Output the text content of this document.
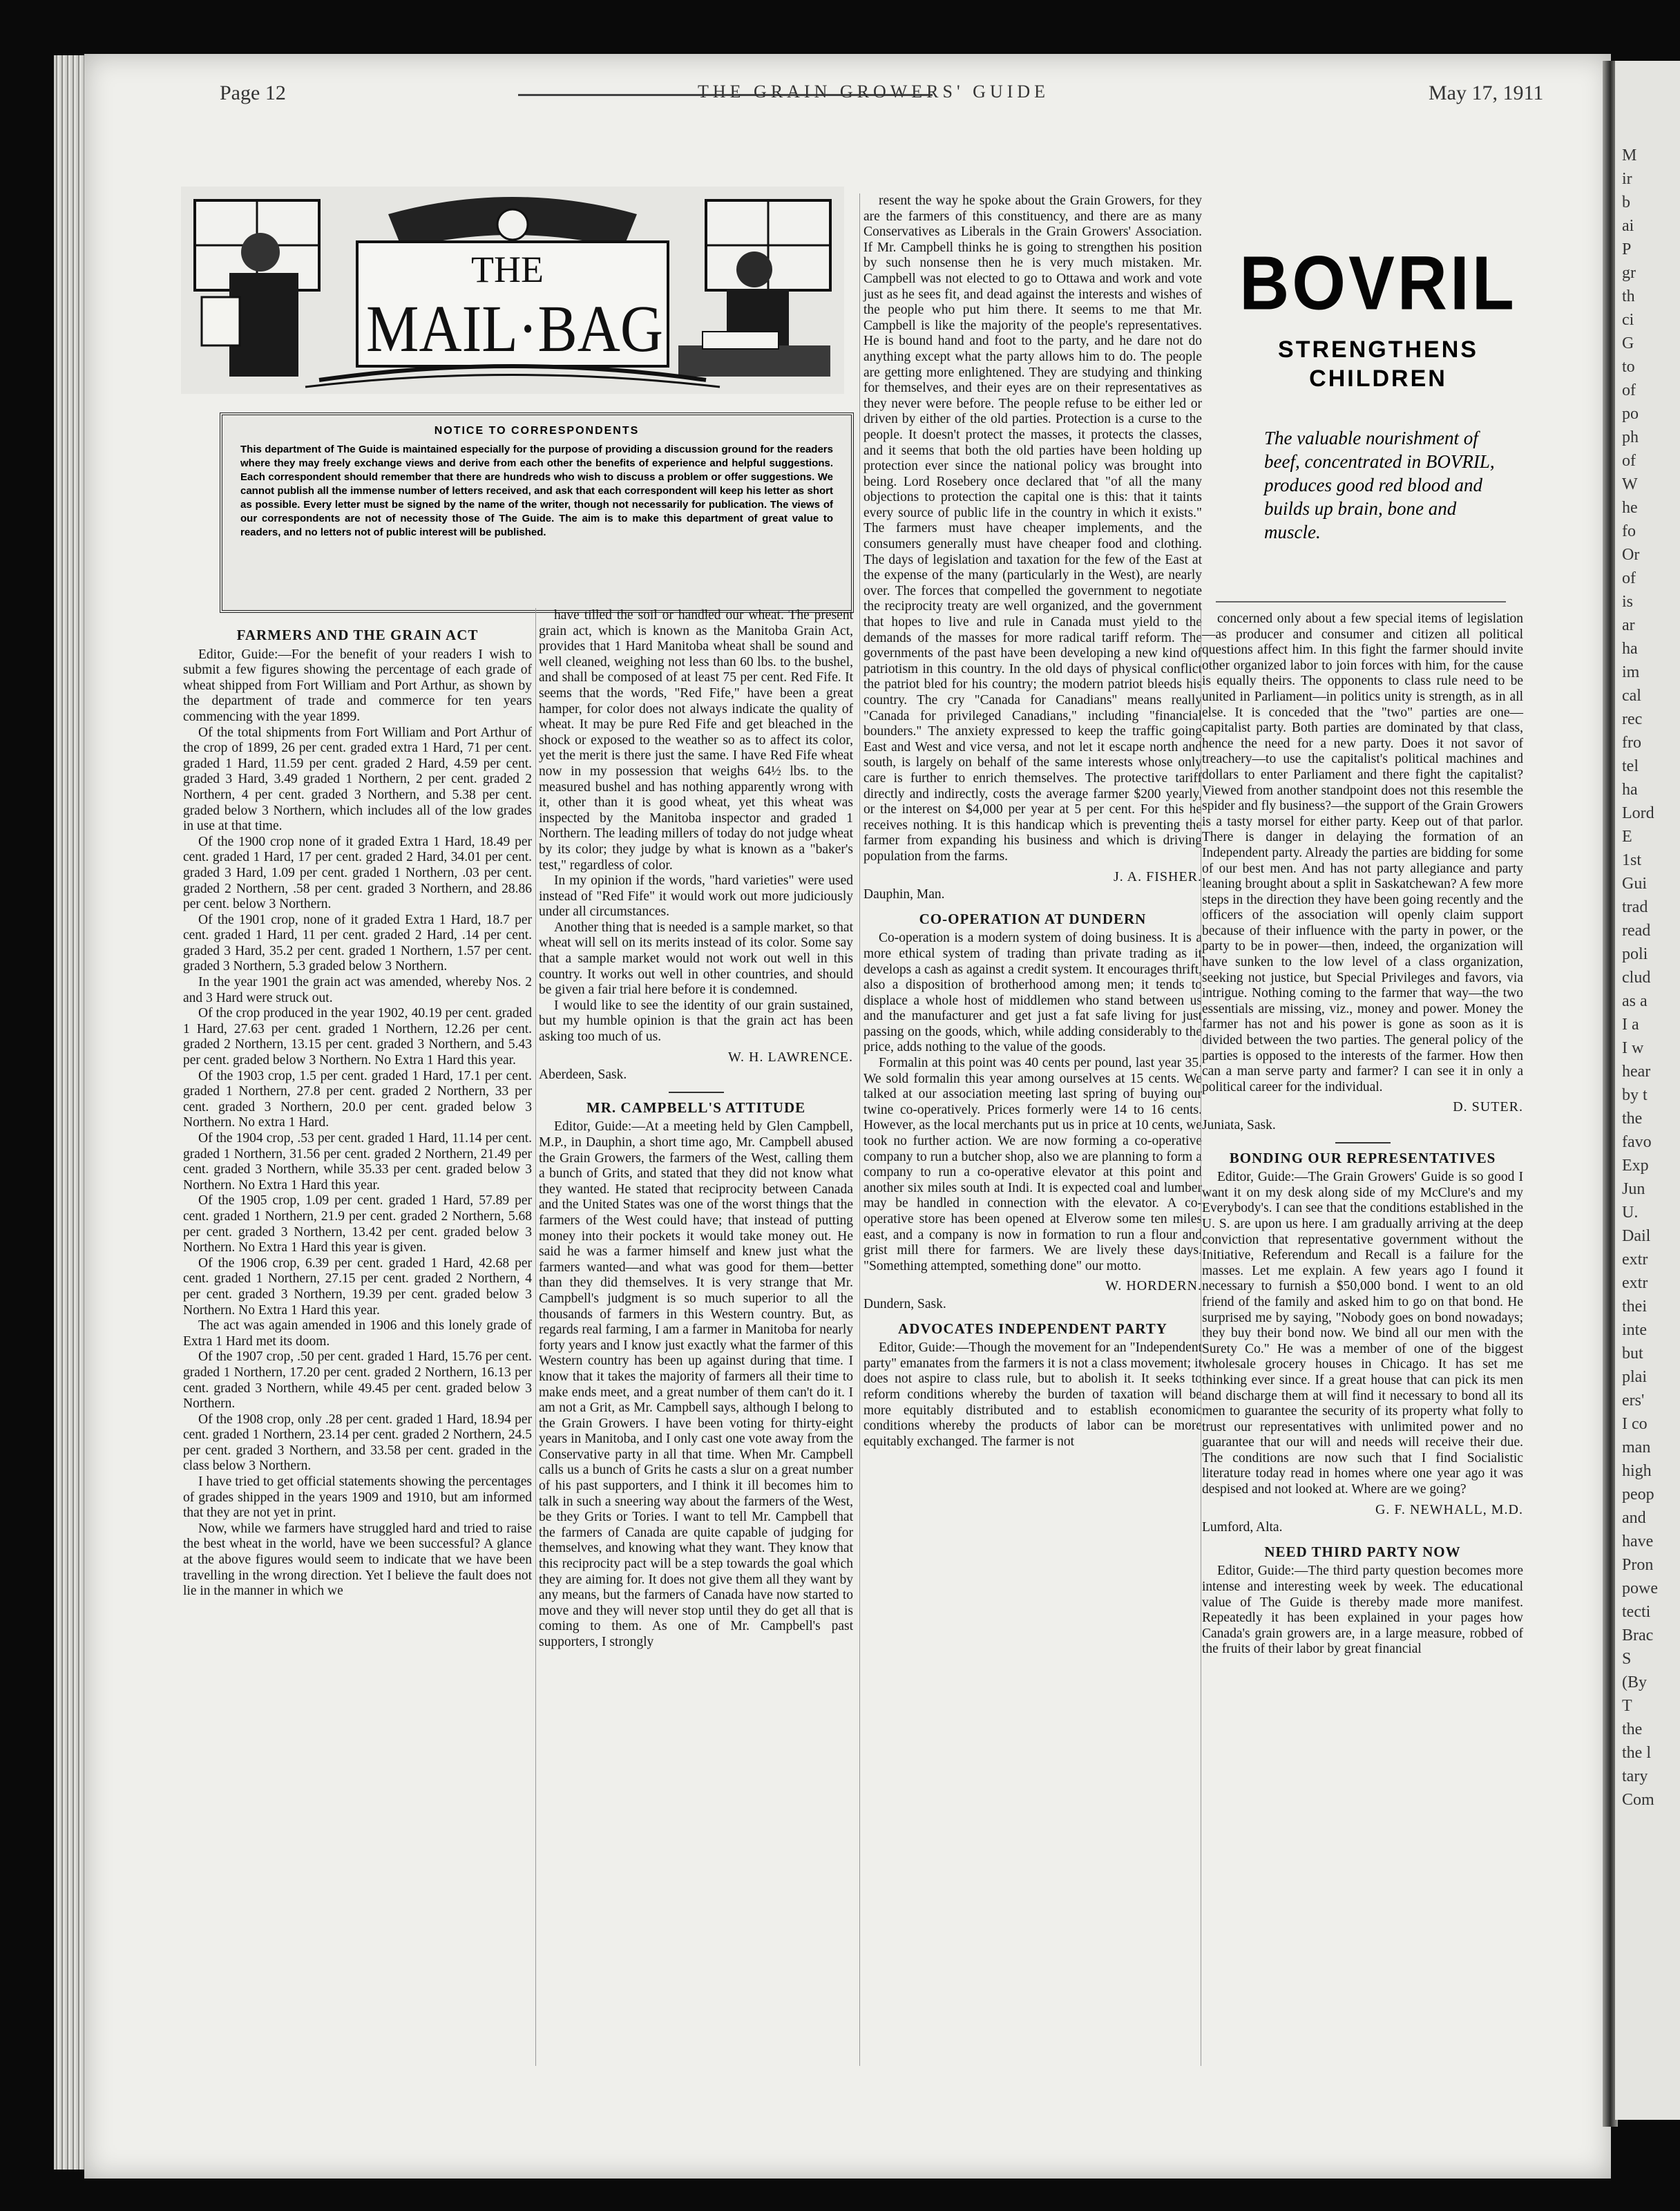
M
ir
b
ai
P
gr
th
ci
G
to
of
po
ph
of
W
he
fo
Or
of
is
ar
ha
im
cal
rec
fro
tel
ha
Lord
E
1st
Gui
trad
read
poli
clud
as a
I a
I w
hear
by t
the
favo
Exp
Jun
U.
Dail
extr
extr
thei
inte
but
plai
ers'
I co
man
high
peop
and
have
Pron
powe
tecti
Brac
S
(By
T
the
the l
tary
Com
Page 12	THE GRAIN GROWERS' GUIDE	May 17, 1911
THE
MAIL·BAG
NOTICE TO CORRESPONDENTS

This department of The Guide is maintained especially for the purpose of providing a discussion ground for the readers where they may freely exchange views and derive from each other the benefits of experience and helpful suggestions. Each correspondent should remember that there are hundreds who wish to discuss a problem or offer suggestions. We cannot publish all the immense number of letters received, and ask that each correspondent will keep his letter as short as possible. Every letter must be signed by the name of the writer, though not necessarily for publication. The views of our correspondents are not of necessity those of The Guide. The aim is to make this department of great value to readers, and no letters not of public interest will be published.

FARMERS AND THE GRAIN ACT

Editor, Guide:—For the benefit of your readers I wish to submit a few figures showing the percentage of each grade of wheat shipped from Fort William and Port Arthur, as shown by the department of trade and commerce for ten years commencing with the year 1899.

Of the total shipments from Fort William and Port Arthur of the crop of 1899, 26 per cent. graded extra 1 Hard, 71 per cent. graded 1 Hard, 11.59 per cent. graded 2 Hard, 4.59 per cent. graded 3 Hard, 3.49 graded 1 Northern, 2 per cent. graded 2 Northern, 4 per cent. graded 3 Northern, and 5.38 per cent. graded below 3 Northern, which includes all of the low grades in use at that time.

Of the 1900 crop none of it graded Extra 1 Hard, 18.49 per cent. graded 1 Hard, 17 per cent. graded 2 Hard, 34.01 per cent. graded 3 Hard, 1.09 per cent. graded 1 Northern, .03 per cent. graded 2 Northern, .58 per cent. graded 3 Northern, and 28.86 per cent. below 3 Northern.

Of the 1901 crop, none of it graded Extra 1 Hard, 18.7 per cent. graded 1 Hard, 11 per cent. graded 2 Hard, .14 per cent. graded 3 Hard, 35.2 per cent. graded 1 Northern, 1.57 per cent. graded 3 Northern, 5.3 graded below 3 Northern.

In the year 1901 the grain act was amended, whereby Nos. 2 and 3 Hard were struck out.

Of the crop produced in the year 1902, 40.19 per cent. graded 1 Hard, 27.63 per cent. graded 1 Northern, 12.26 per cent. graded 2 Northern, 13.15 per cent. graded 3 Northern, and 5.43 per cent. graded below 3 Northern. No Extra 1 Hard this year.

Of the 1903 crop, 1.5 per cent. graded 1 Hard, 17.1 per cent. graded 1 Northern, 27.8 per cent. graded 2 Northern, 33 per cent. graded 3 Northern, 20.0 per cent. graded below 3 Northern. No extra 1 Hard.

Of the 1904 crop, .53 per cent. graded 1 Hard, 11.14 per cent. graded 1 Northern, 31.56 per cent. graded 2 Northern, 21.49 per cent. graded 3 Northern, while 35.33 per cent. graded below 3 Northern. No Extra 1 Hard this year.

Of the 1905 crop, 1.09 per cent. graded 1 Hard, 57.89 per cent. graded 1 Northern, 21.9 per cent. graded 2 Northern, 5.68 per cent. graded 3 Northern, 13.42 per cent. graded below 3 Northern. No Extra 1 Hard this year is given.

Of the 1906 crop, 6.39 per cent. graded 1 Hard, 42.68 per cent. graded 1 Northern, 27.15 per cent. graded 2 Northern, 4 per cent. graded 3 Northern, 19.39 per cent. graded below 3 Northern. No Extra 1 Hard this year.

The act was again amended in 1906 and this lonely grade of Extra 1 Hard met its doom.

Of the 1907 crop, .50 per cent. graded 1 Hard, 15.76 per cent. graded 1 Northern, 17.20 per cent. graded 2 Northern, 16.13 per cent. graded 3 Northern, while 49.45 per cent. graded below 3 Northern.

Of the 1908 crop, only .28 per cent. graded 1 Hard, 18.94 per cent. graded 1 Northern, 23.14 per cent. graded 2 Northern, 24.5 per cent. graded 3 Northern, and 33.58 per cent. graded in the class below 3 Northern.

I have tried to get official statements showing the percentages of grades shipped in the years 1909 and 1910, but am informed that they are not yet in print.

Now, while we farmers have struggled hard and tried to raise the best wheat in the world, have we been successful? A glance at the above figures would seem to indicate that we have been travelling in the wrong direction. Yet I believe the fault does not lie in the manner in which we

have tilled the soil or handled our wheat. The present grain act, which is known as the Manitoba Grain Act, provides that 1 Hard Manitoba wheat shall be sound and well cleaned, weighing not less than 60 lbs. to the bushel, and shall be composed of at least 75 per cent. Red Fife. It seems that the words, "Red Fife," have been a great hamper, for color does not always indicate the quality of wheat. It may be pure Red Fife and get bleached in the shock or exposed to the weather so as to affect its color, yet the merit is there just the same. I have Red Fife wheat now in my possession that weighs 64½ lbs. to the measured bushel and has nothing apparently wrong with it, other than it is good wheat, yet this wheat was inspected by the Manitoba inspector and graded 1 Northern. The leading millers of today do not judge wheat by its color; they judge by what is known as a "baker's test," regardless of color.

In my opinion if the words, "hard varieties" were used instead of "Red Fife" it would work out more judiciously under all circumstances.

Another thing that is needed is a sample market, so that wheat will sell on its merits instead of its color. Some say that a sample market would not work out well in this country. It works out well in other countries, and should be given a fair trial here before it is condemned.

I would like to see the identity of our grain sustained, but my humble opinion is that the grain act has been asking too much of us.

W. H. LAWRENCE.
Aberdeen, Sask.
MR. CAMPBELL'S ATTITUDE

Editor, Guide:—At a meeting held by Glen Campbell, M.P., in Dauphin, a short time ago, Mr. Campbell abused the Grain Growers, the farmers of the West, calling them a bunch of Grits, and stated that they did not know what they wanted. He stated that reciprocity between Canada and the United States was one of the worst things that the farmers of the West could have; that instead of putting money into their pockets it would take money out. He said he was a farmer himself and knew just what the farmers wanted—and what was good for them—better than they did themselves. It is very strange that Mr. Campbell's judgment is so much superior to all the thousands of farmers in this Western country. But, as regards real farming, I am a farmer in Manitoba for nearly forty years and I know just exactly what the farmer of this Western country has been up against during that time. I know that it takes the majority of farmers all their time to make ends meet, and a great number of them can't do it. I am not a Grit, as Mr. Campbell says, although I belong to the Grain Growers. I have been voting for thirty-eight years in Manitoba, and I only cast one vote away from the Conservative party in all that time. When Mr. Campbell calls us a bunch of Grits he casts a slur on a great number of his past supporters, and I think it ill becomes him to talk in such a sneering way about the farmers of the West, be they Grits or Tories. I want to tell Mr. Campbell that the farmers of Canada are quite capable of judging for themselves, and knowing what they want. They know that this reciprocity pact will be a step towards the goal which they are aiming for. It does not give them all they want by any means, but the farmers of Canada have now started to move and they will never stop until they do get all that is coming to them. As one of Mr. Campbell's past supporters, I strongly

resent the way he spoke about the Grain Growers, for they are the farmers of this constituency, and there are as many Conservatives as Liberals in the Grain Growers' Association. If Mr. Campbell thinks he is going to strengthen his position by such nonsense then he is very much mistaken. Mr. Campbell was not elected to go to Ottawa and work and vote just as he sees fit, and dead against the interests and wishes of the people who put him there. It seems to me that Mr. Campbell is like the majority of the people's representatives. He is bound hand and foot to the party, and he dare not do anything except what the party allows him to do. The people are getting more enlightened. They are studying and thinking for themselves, and their eyes are on their representatives as they never were before. The people refuse to be either led or driven by either of the old parties. Protection is a curse to the people. It doesn't protect the masses, it protects the classes, and it seems that both the old parties have been holding up protection ever since the national policy was brought into being. Lord Rosebery once declared that "of all the many objections to protection the capital one is this: that it taints every source of public life in the country in which it exists." The farmers must have cheaper implements, and the consumers generally must have cheaper food and clothing. The days of legislation and taxation for the few of the East at the expense of the many (particularly in the West), are nearly over. The forces that compelled the government to negotiate the reciprocity treaty are well organized, and the government that hopes to live and rule in Canada must yield to the demands of the masses for more radical tariff reform. The governments of the past have been developing a new kind of patriotism in this country. In the old days of physical conflict the patriot bled for his country; the modern patriot bleeds his country. The cry "Canada for Canadians" means really "Canada for privileged Canadians," including "financial bounders." The anxiety expressed to keep the traffic going East and West and vice versa, and not let it escape north and south, is largely on behalf of the same interests whose only care is further to enrich themselves. The protective tariff directly and indirectly, costs the average farmer $200 yearly, or the interest on $4,000 per year at 5 per cent. For this he receives nothing. It is this handicap which is preventing the farmer from expanding his business and which is driving population from the farms.

J. A. FISHER.
Dauphin, Man.
CO-OPERATION AT DUNDERN

Co-operation is a modern system of doing business. It is a more ethical system of trading than private trading as it develops a cash as against a credit system. It encourages thrift, also a disposition of brotherhood among men; it tends to displace a whole host of middlemen who stand between us and the manufacturer and get just a fat safe living for just passing on the goods, which, while adding considerably to the price, adds nothing to the value of the goods.

Formalin at this point was 40 cents per pound, last year 35. We sold formalin this year among ourselves at 15 cents. We talked at our association meeting last spring of buying our twine co-operatively. Prices formerly were 14 to 16 cents. However, as the local merchants put us in price at 10 cents, we took no further action. We are now forming a co-operative company to run a butcher shop, also we are planning to form a company to run a co-operative elevator at this point and another six miles south at Indi. It is expected coal and lumber may be handled in connection with the elevator. A co-operative store has been opened at Elverow some ten miles east, and a company is now in formation to run a flour and grist mill there for farmers. We are lively these days. "Something attempted, something done" our motto.

W. HORDERN.
Dundern, Sask.
ADVOCATES INDEPENDENT PARTY

Editor, Guide:—Though the movement for an "Independent party" emanates from the farmers it is not a class movement; it does not aspire to class rule, but to abolish it. It seeks to reform conditions whereby the burden of taxation will be more equitably distributed and to establish economic conditions whereby the products of labor can be more equitably exchanged. The farmer is not

BOVRIL
STRENGTHENS
CHILDREN
The valuable nourishment of beef, concentrated in BOVRIL, produces good red blood and builds up brain, bone and muscle.

concerned only about a few special items of legislation—as producer and consumer and citizen all political questions affect him. In this fight the farmer should invite other organized labor to join forces with him, for the cause is equally theirs. The opponents to class rule need to be united in Parliament—in politics unity is strength, as in all else. It is conceded that the "two" parties are one—capitalist party. Both parties are dominated by that class, hence the need for a new party. Does it not savor of treachery—to use the capitalist's political machines and dollars to enter Parliament and there fight the capitalist? Viewed from another standpoint does not this resemble the spider and fly business?—the support of the Grain Growers is a tasty morsel for either party. Keep out of that parlor. There is danger in delaying the formation of an Independent party. Already the parties are bidding for some of our best men. And has not party allegiance and party leaning brought about a split in Saskatchewan? A few more steps in the direction they have been going recently and the officers of the association will openly claim support because of their influence with the party in power, or the party to be in power—then, indeed, the organization will have sunken to the low level of a class organization, seeking not justice, but Special Privileges and favors, via intrigue. Nothing coming to the farmer that way—the two essentials are missing, viz., money and power. Money the farmer has not and his power is gone as soon as it is divided between the two parties. The general policy of the parties is opposed to the interests of the farmer. How then can a man serve party and farmer? I can see it in only a political career for the individual.

D. SUTER.
Juniata, Sask.
BONDING OUR REPRESENTATIVES

Editor, Guide:—The Grain Growers' Guide is so good I want it on my desk along side of my McClure's and my Everybody's. I can see that the conditions established in the U. S. are upon us here. I am gradually arriving at the deep conviction that representative government without the Initiative, Referendum and Recall is a failure for the masses. Let me explain. A few years ago I found it necessary to furnish a $50,000 bond. I went to an old friend of the family and asked him to go on that bond. He surprised me by saying, "Nobody goes on bond nowadays; they buy their bond now. We bind all our men with the Surety Co." He was a member of one of the biggest wholesale grocery houses in Chicago. It has set me thinking ever since. If a great house that can pick its men and discharge them at will find it necessary to bond all its men to guarantee the security of its property what folly to trust our representatives with unlimited power and no guarantee that our will and needs will receive their due. The conditions are now such that I find Socialistic literature today read in homes where one year ago it was despised and not looked at. Where are we going?

G. F. NEWHALL, M.D.
Lumford, Alta.
NEED THIRD PARTY NOW

Editor, Guide:—The third party question becomes more intense and interesting week by week. The educational value of The Guide is thereby made more manifest. Repeatedly it has been explained in your pages how Canada's grain growers are, in a large measure, robbed of the fruits of their labor by great financial
